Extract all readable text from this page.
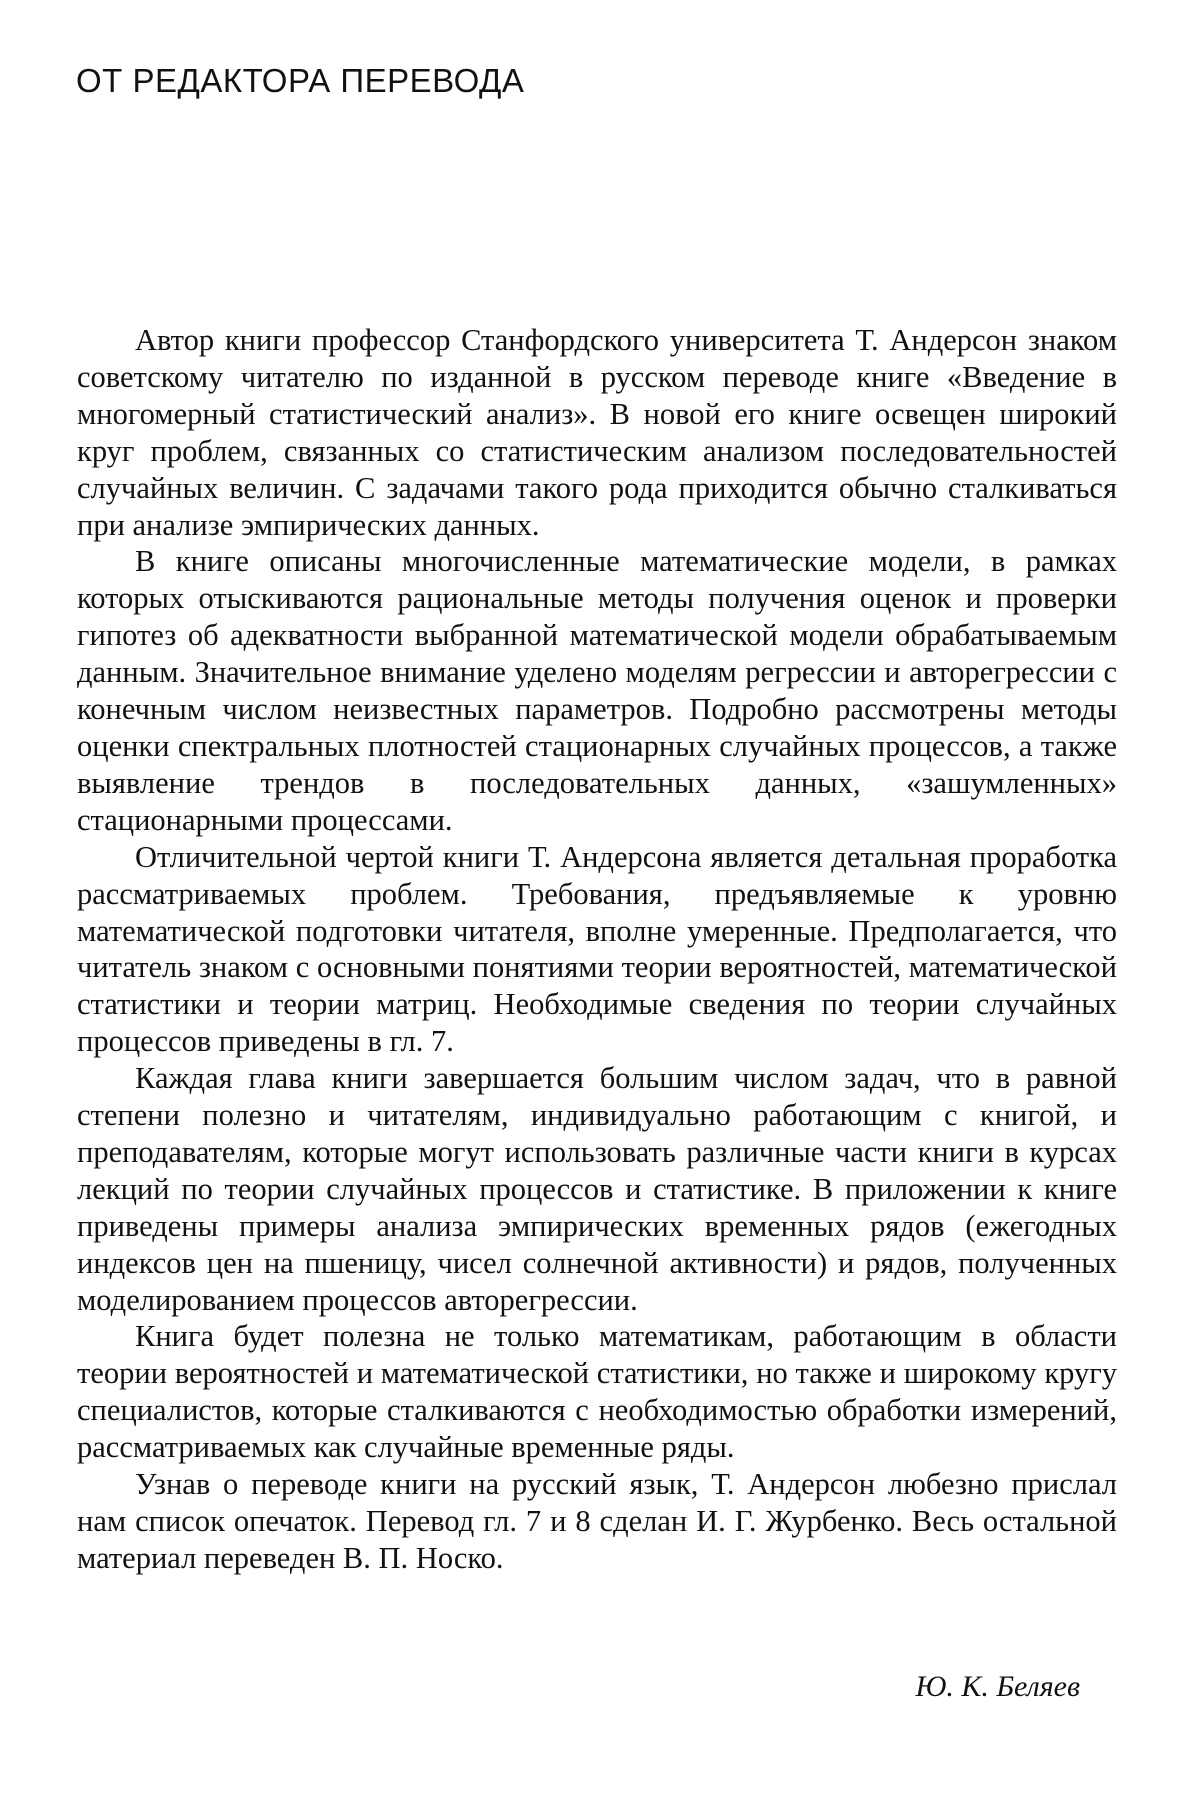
ОТ РЕДАКТОРА ПЕРЕВОДА

Автор книги профессор Станфордского университета Т. Андерсон знаком советскому читателю по изданной в русском переводе книге «Введение в многомерный статистический анализ». В новой его книге освещен широкий круг проблем, связанных со статистическим анализом последовательностей случайных величин. С задачами такого рода приходится обычно сталкиваться при анализе эмпирических данных.

В книге описаны многочисленные математические модели, в рамках которых отыскиваются рациональные методы получения оценок и проверки гипотез об адекватности выбранной математической модели обрабатываемым данным. Значительное внимание уделено моделям регрессии и авторегрессии с конечным числом неизвестных параметров. Подробно рассмотрены методы оценки спектральных плотностей стационарных случайных процессов, а также выявление трендов в последовательных данных, «зашумленных» стационарными процессами.

Отличительной чертой книги Т. Андерсона является детальная проработка рассматриваемых проблем. Требования, предъявляемые к уровню математической подготовки читателя, вполне умеренные. Предполагается, что читатель знаком с основными понятиями теории вероятностей, математической статистики и теории матриц. Необходимые сведения по теории случайных процессов приведены в гл. 7.

Каждая глава книги завершается большим числом задач, что в равной степени полезно и читателям, индивидуально работающим с книгой, и преподавателям, которые могут использовать различные части книги в курсах лекций по теории случайных процессов и статистике. В приложении к книге приведены примеры анализа эмпирических временных рядов (ежегодных индексов цен на пшеницу, чисел солнечной активности) и рядов, полученных моделированием процессов авторегрессии.

Книга будет полезна не только математикам, работающим в области теории вероятностей и математической статистики, но также и широкому кругу специалистов, которые сталкиваются с необходимостью обработки измерений, рассматриваемых как случайные временные ряды.

Узнав о переводе книги на русский язык, Т. Андерсон любезно прислал нам список опечаток. Перевод гл. 7 и 8 сделан И. Г. Журбенко. Весь остальной материал переведен В. П. Носко.

Ю. К. Беляев
